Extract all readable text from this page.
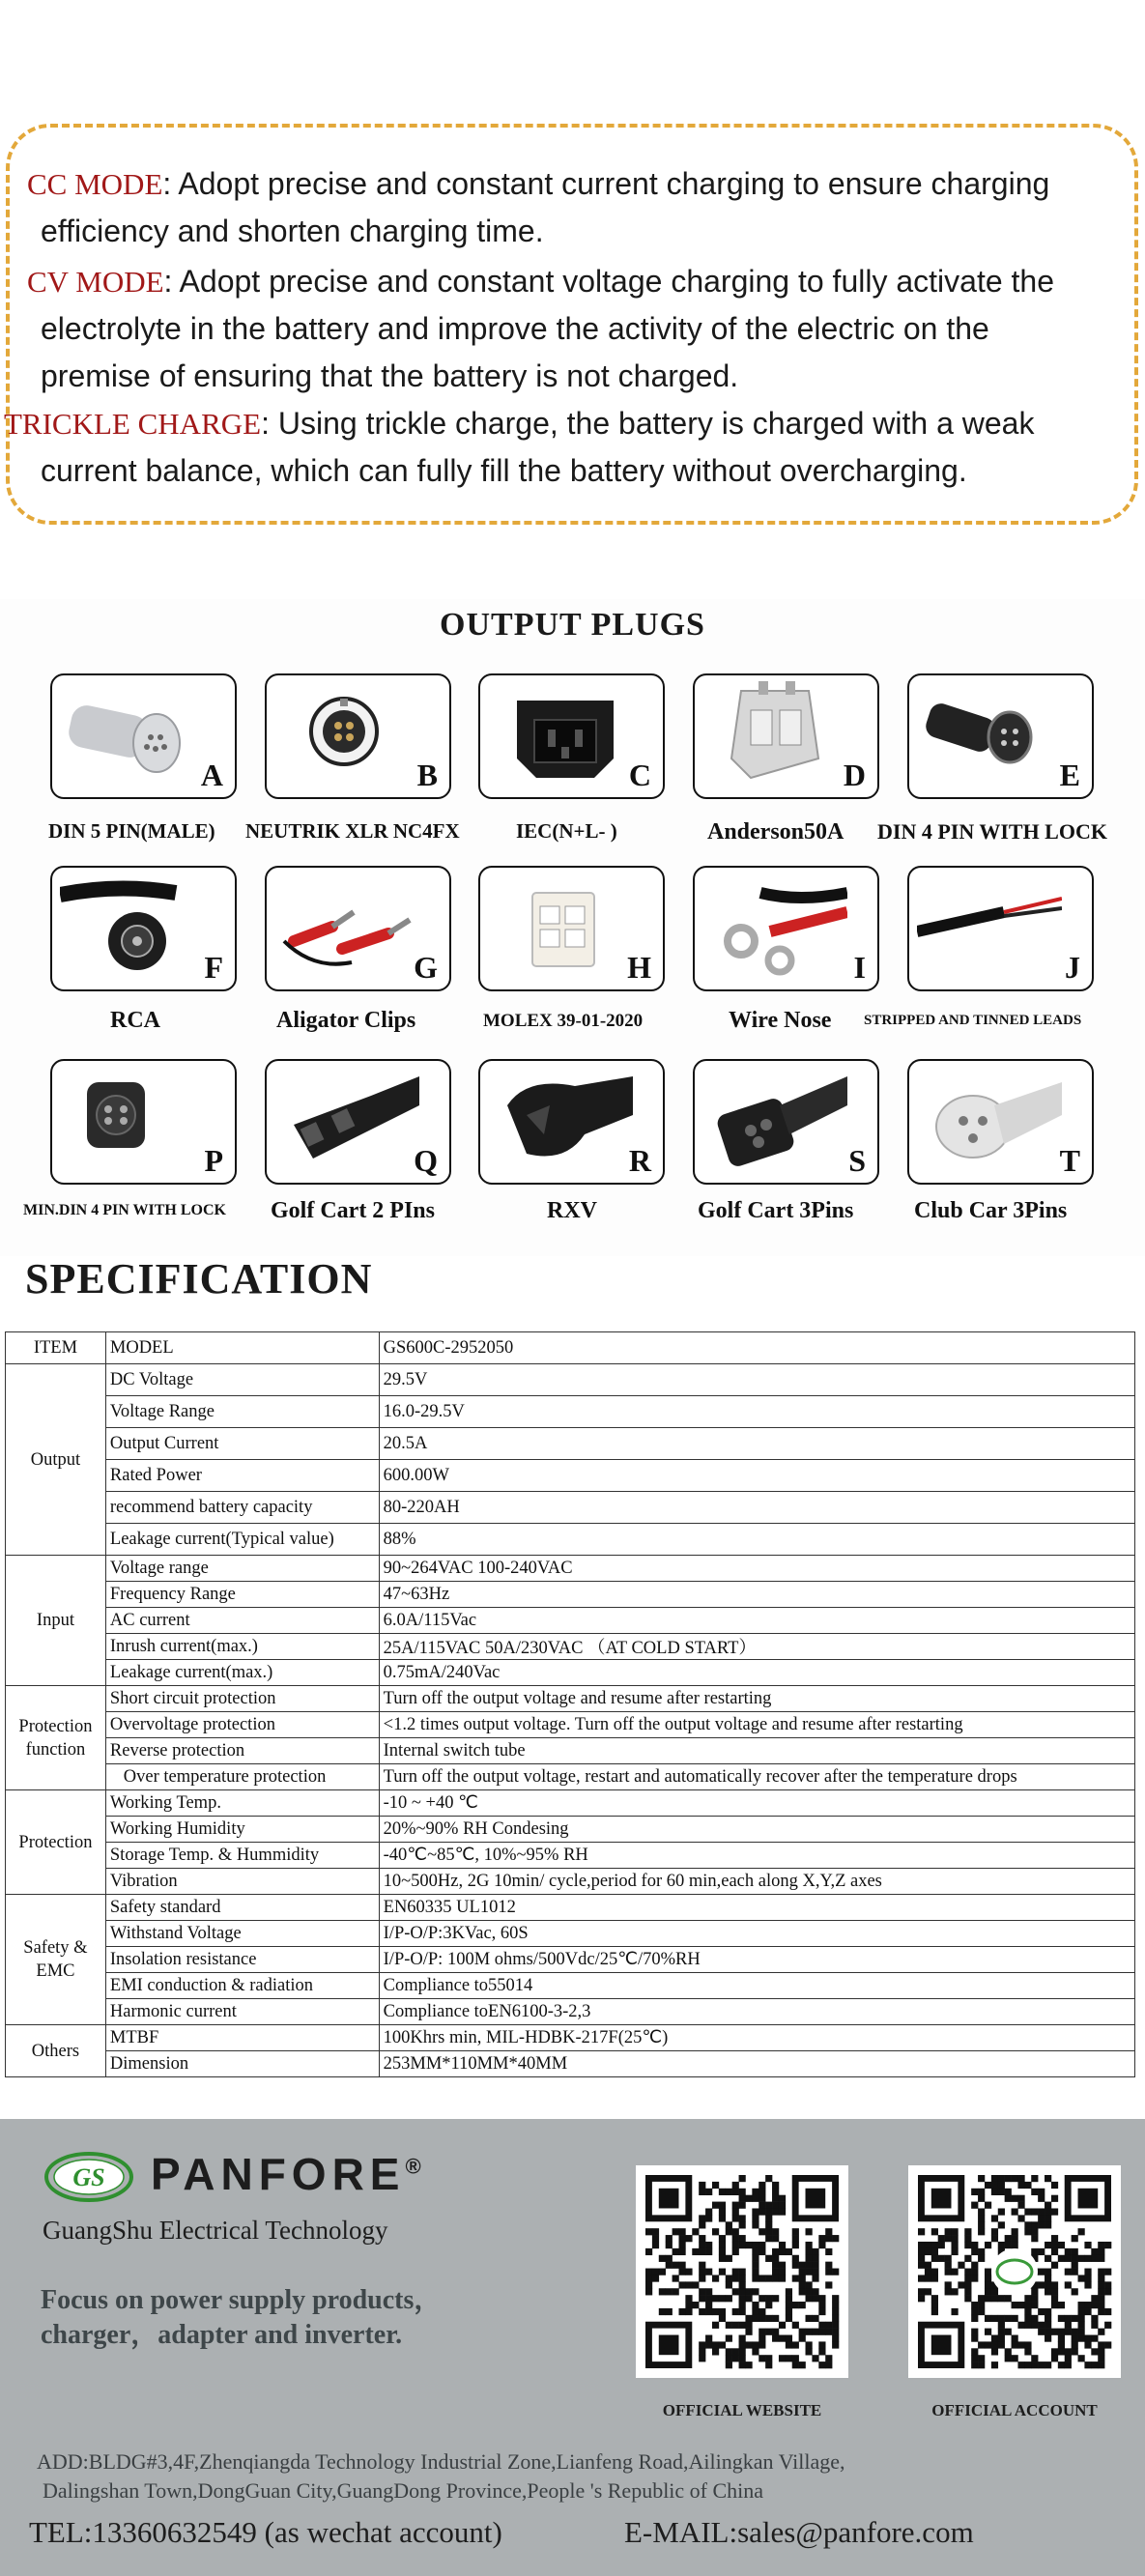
CC MODE: Adopt precise and constant current charging to ensure charging
efficiency and shorten charging time.
CV MODE: Adopt precise and constant voltage charging to fully activate the
electrolyte in the battery and improve the activity of the electric on the
premise of ensuring that the battery is not charged.
TRICKLE CHARGE: Using trickle charge, the battery is charged with a weak
current balance, which can fully fill the battery without overcharging.
OUTPUT PLUGS
A	B	C	D	E
DIN 5 PIN(MALE) NEUTRIK XLR NC4FX	IEC(N+L- )	Anderson50A DIN 4 PIN WITH LOCK
F	G	H	I	J
RCA	Aligator Clips	MOLEX 39-01-2020	Wire Nose STRIPPED AND TINNED LEADS
P	Q	R	S	T
MIN.DIN 4 PIN WITH LOCK Golf Cart 2 PIns	RXV	Golf Cart 3Pins	Club Car 3Pins
SPECIFICATION
ITEM	MODEL	GS600C-2952050
Output	DC Voltage	29.5V
	Voltage Range	16.0-29.5V
	Output Current	20.5A
	Rated Power	600.00W
	recommend battery capacity	80-220AH
	Leakage current(Typical value)	88%
Input	Voltage range	90~264VAC 100-240VAC
	Frequency Range	47~63Hz
	AC current	6.0A/115Vac
	Inrush current(max.)	25A/115VAC 50A/230VAC （AT COLD START）
	Leakage current(max.)	0.75mA/240Vac
Protection function	Short circuit protection	Turn off the output voltage and resume after restarting
	Overvoltage protection	<1.2 times output voltage. Turn off the output voltage and resume after restarting
	Reverse protection	Internal switch tube
	Over temperature protection	Turn off the output voltage, restart and automatically recover after the temperature drops
Protection	Working Temp.	-10 ~ +40 ℃
	Working Humidity	20%~90% RH Condesing
	Storage Temp. & Hummidity	-40℃~85℃, 10%~95% RH
	Vibration	10~500Hz, 2G 10min/ cycle,period for 60 min,each along X,Y,Z axes
Safety & EMC	Safety standard	EN60335 UL1012
	Withstand Voltage	I/P-O/P:3KVac, 60S
	Insolation resistance	I/P-O/P: 100M ohms/500Vdc/25℃/70%RH
	EMI conduction & radiation	Compliance to55014
	Harmonic current	Compliance toEN6100-3-2,3
Others	MTBF	100Khrs min, MIL-HDBK-217F(25℃)
	Dimension	253MM*110MM*40MM
GS PANFORE®
GuangShu Electrical Technology
Focus on power supply products，
charger，adapter and inverter.
OFFICIAL WEBSITE	OFFICIAL ACCOUNT
ADD:BLDG#3,4F,Zhenqiangda Technology Industrial Zone,Lianfeng Road,Ailingkan Village,
Dalingshan Town,DongGuan City,GuangDong Province,People 's Republic of China
TEL:13360632549 (as wechat account)	E-MAIL:sales@panfore.com
